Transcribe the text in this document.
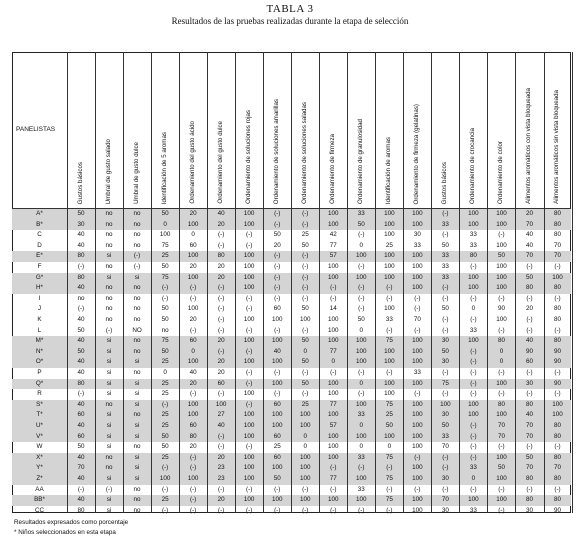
TABLA 3
Resultados de las pruebas realizadas durante la etapa de selección
Gustos básicos	Umbral de gusto salado	Umbral de gusto dulce	Identificación de 5 aromas	Ordenamiento del gusto ácido	Ordenamiento del gusto dulce	Ordenamiento de soluciones rojas	Ordenamiento de soluciones amarillas	Ordenamiento de soluciones saladas	Ordenamiento de firmeza	Ordenamiento de granulosidad	Identificación de aromas	Ordenamiento de firmeza (gelatinas)	Gustos básicos	Ordenamiento de crocancia	Ordenamiento de color	Alimentos aromáticos con vista bloqueada	Alimentos aromáticos sin vista bloqueada
A*	50	no	no	50	20	40	100	(-)	(-)	100	33	100	100	(-)	100	100	20	80
B*	30	no	no	0	100	20	100	(-)	(-)	100	50	100	100	33	100	100	70	80
C	40	no	no	100	0	(-)	(-)	50	25	42	(-)	100	30	(-)	33	(-)	40	80
D	40	no	no	75	60	(-)	(-)	20	50	77	0	25	33	50	33	100	40	70
E*	80	si	(-)	25	100	80	100	(-)	(-)	57	100	100	100	33	80	50	70	70
F	(-)	no	(-)	50	20	20	100	(-)	(-)	100	(-)	100	100	33	(-)	100	(-)	(-)
G*	80	si	si	75	100	20	100	(-)	(-)	100	100	100	100	33	100	100	50	100
H*	40	no	no	(-)	(-)	(-)	100	(-)	(-)	(-)	(-)	(-)	100	(-)	100	100	80	80
I	no	no	no	(-)	(-)	(-)	(-)	(-)	(-)	(-)	(-)	(-)	(-)	(-)	(-)	(-)	(-)	(-)
J	(-)	no	no	50	100	(-)	(-)	60	50	14	(-)	100	(-)	50	0	90	20	80
K	40	no	no	50	20	(-)	100	100	100	100	50	33	70	(-)	(-)	100	(-)	80
L	50	(-)	NO	no	(-)	(-)	(-)	(-)	(-)	100	0	(-)	(-)	(-)	33	(-)	(-)	(-)
M*	40	si	no	75	60	20	100	100	50	100	100	75	100	30	100	80	40	80
N*	50	si	no	50	0	(-)	(-)	40	0	77	100	100	100	50	(-)	0	90	90
O*	40	si	si	25	100	20	100	100	50	0	100	100	100	30	(-)	0	60	90
P	40	si	no	0	40	20	(-)	(-)	(-)	(-)	(-)	(-)	33	(-)	(-)	(-)	(-)	(-)
Q*	80	si	si	25	20	60	(-)	100	50	100	0	100	100	75	(-)	100	30	90
R	(-)	si	si	25	(-)	(-)	100	(-)	(-)	100	(-)	100	(-)	(-)	(-)	(-)	(-)	(-)
S*	40	no	si	(-)	100	100	(-)	60	25	77	100	75	100	100	100	80	80	100
T*	60	si	no	25	100	27	100	100	100	100	33	25	100	30	100	100	40	100
U*	40	si	si	25	60	40	100	100	100	57	0	50	100	50	(-)	70	70	80
V*	60	si	si	50	80	(-)	100	60	0	100	100	100	100	33	(-)	70	70	80
W	50	si	no	50	20	(-)	(-)	25	0	100	0	0	100	70	(-)	(-)	(-)	(-)
X*	40	no	si	25	(-)	20	100	60	100	100	33	75	(-)	(-)	(-)	100	50	80
Y*	70	no	si	(-)	(-)	23	100	100	100	(-)	(-)	(-)	100	(-)	33	50	70	70
Z*	40	si	si	100	100	23	100	50	100	77	100	75	100	30	0	100	80	80
AA	(-)	(-)	no	(-)	(-)	(-)	(-)	(-)	(-)	(-)	33	(-)	(-)	(-)	(-)	(-)	(-)	(-)
BB*	40	si	no	25	(-)	20	100	100	100	100	100	75	100	70	100	100	80	80
CC	80	si	no	(-)	(-)	(-)	(-)	(-)	(-)	(-)	(-)	(-)	100	30	33	(-)	30	90
PANELISTAS
Resultados expresados como porcentaje
* Niños seleccionados en esta etapa
